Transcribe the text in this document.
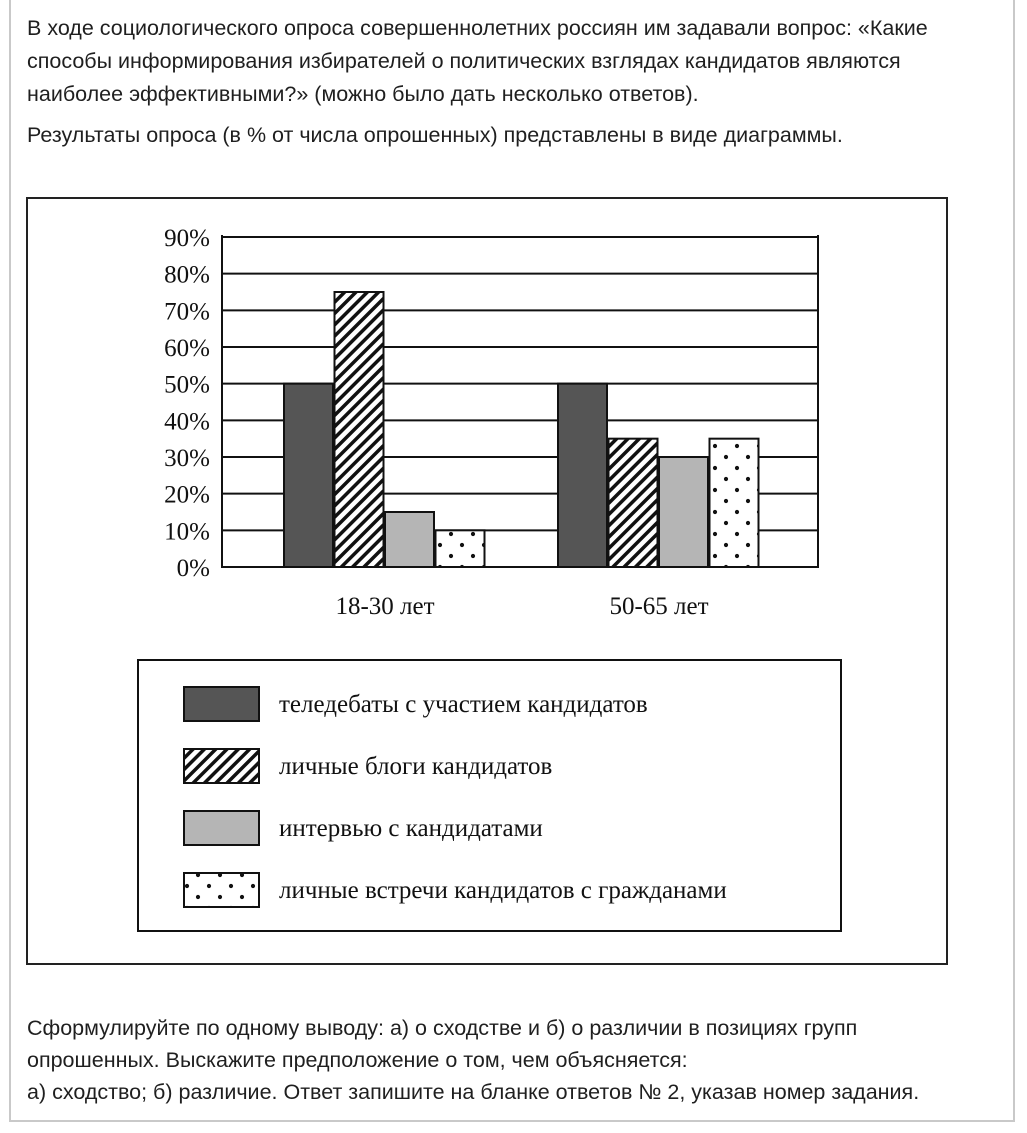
В ходе социологического опроса совершеннолетних россиян им задавали вопрос: «Какие
способы информирования избирателей о политических взглядах кандидатов являются
наиболее эффективными?» (можно было дать несколько ответов).

Результаты опроса (в % от числа опрошенных) представлены в виде диаграммы.

0%
10%
20%
30%
40%
50%
60%
70%
80%
90%
18-30 лет	50-65 лет
теледебаты с участием кандидатов
личные блоги кандидатов
интервью с кандидатами
личные встречи кандидатов с гражданами

Сформулируйте по одному выводу: а) о сходстве и б) о различии в позициях групп
опрошенных. Выскажите предположение о том, чем объясняется:
а) сходство; б) различие. Ответ запишите на бланке ответов № 2, указав номер задания.
